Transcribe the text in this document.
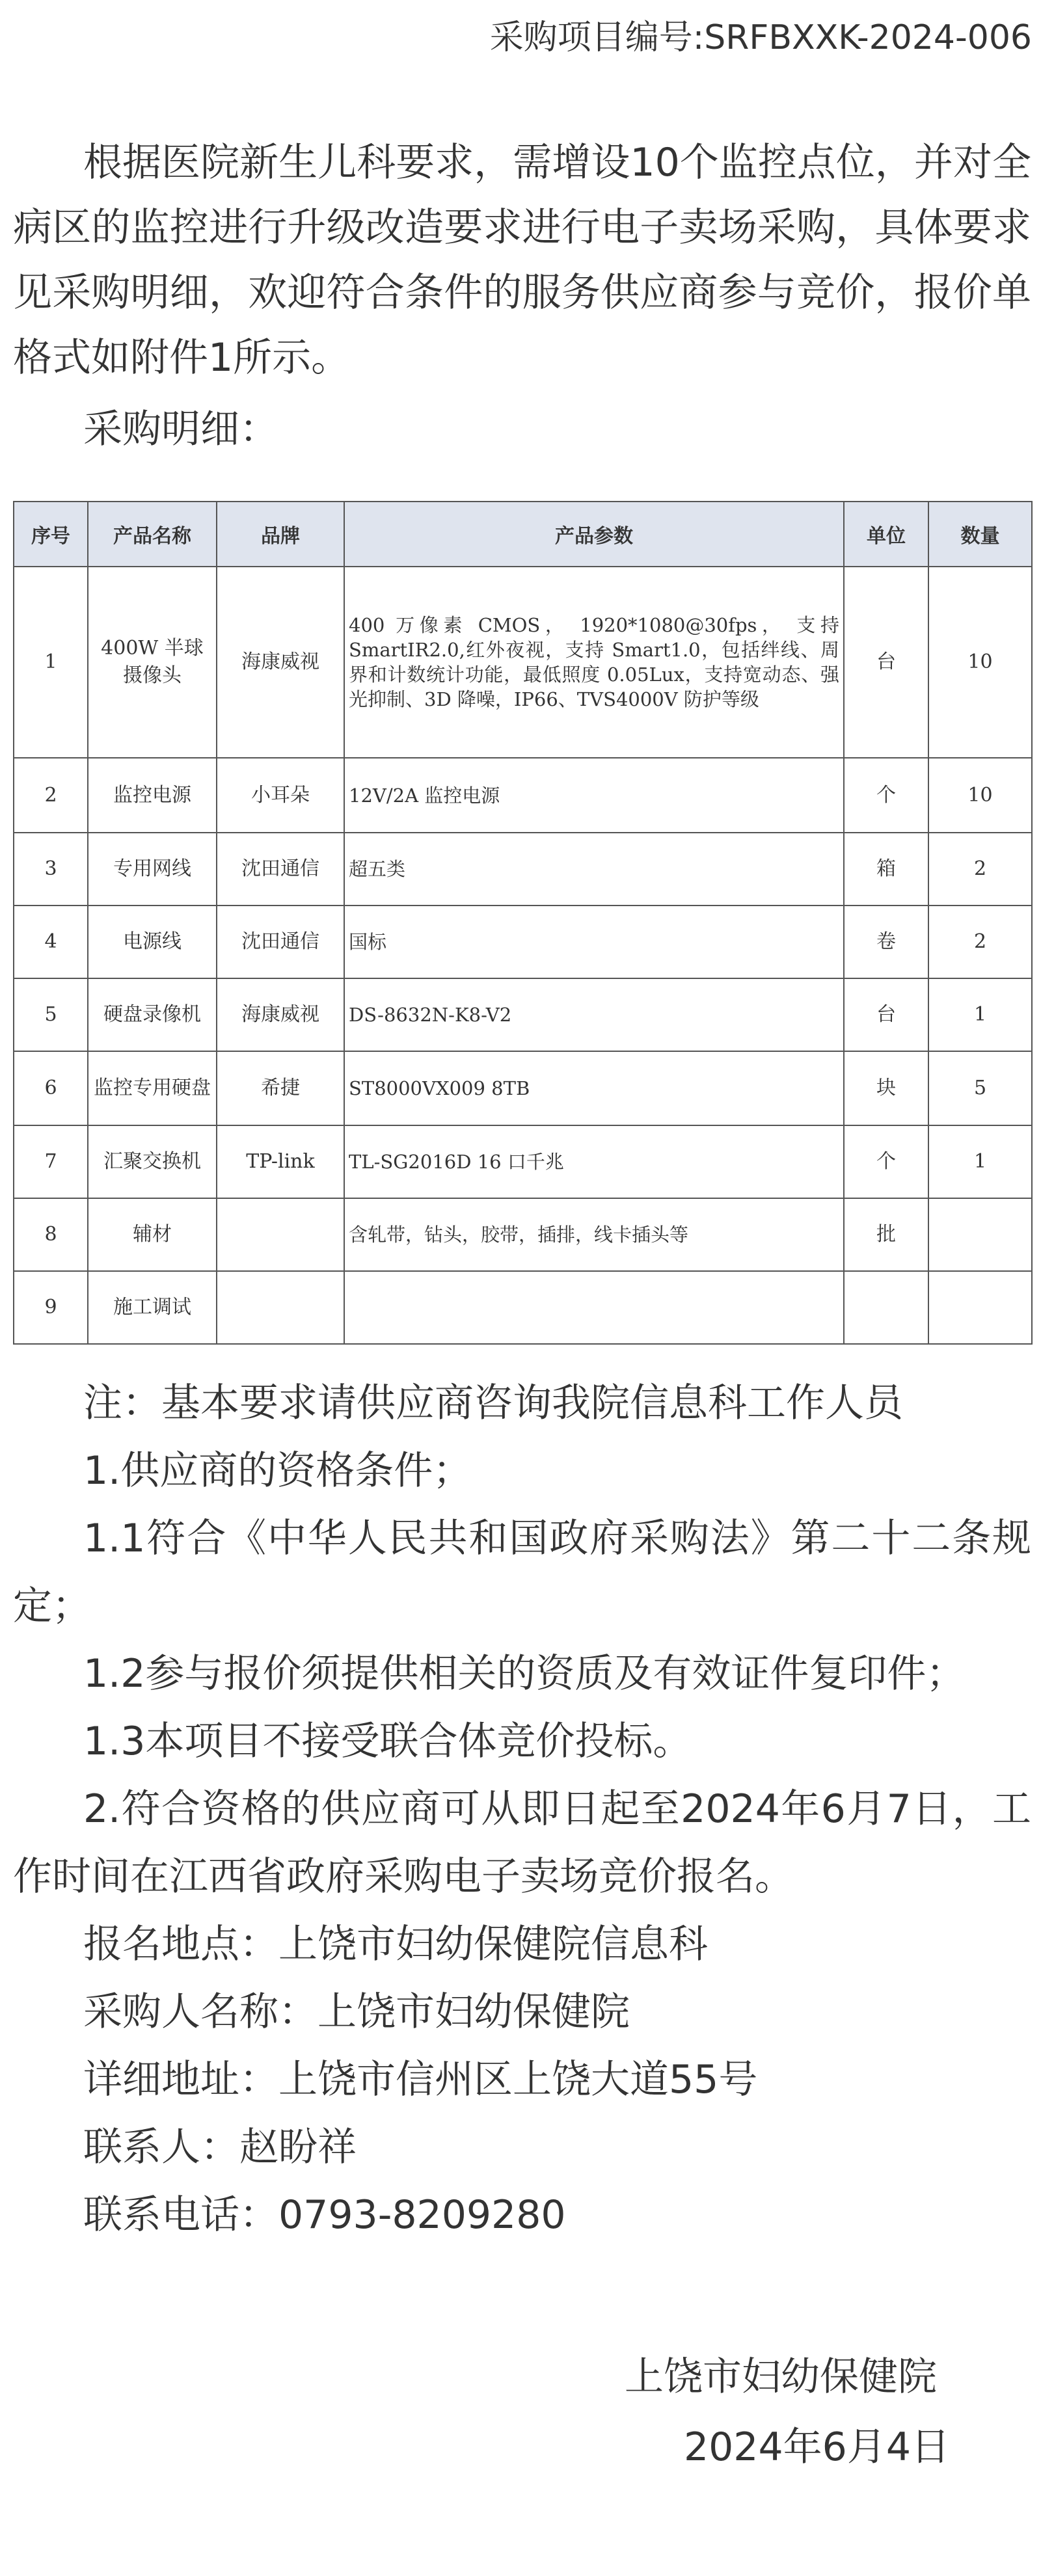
采购项目编号:SRFBXXK-2024-006

根据医院新生儿科要求，需增设10个监控点位，并对全病区的监控进行升级改造要求进行电子卖场采购，具体要求见采购明细，欢迎符合条件的服务供应商参与竞价，报价单格式如附件1所示。

采购明细：
序号	产品名称	品牌	产品参数	单位	数量
1	400W 半球摄像头	海康威视	400 万像素 CMOS， 1920*1080@30fps， 支持 SmartIR2.0,红外夜视，支持 Smart1.0，包括绊线、周界和计数统计功能，最低照度 0.05Lux，支持宽动态、强光抑制、3D 降噪，IP66、TVS4000V 防护等级	台	10
2	监控电源	小耳朵	12V/2A 监控电源	个	10
3	专用网线	沈田通信	超五类	箱	2
4	电源线	沈田通信	国标	卷	2
5	硬盘录像机	海康威视	DS-8632N-K8-V2	台	1
6	监控专用硬盘	希捷	ST8000VX009 8TB	块	5
7	汇聚交换机	TP-link	TL-SG2016D 16 口千兆	个	1
8	辅材		含轧带，钻头，胶带，插排，线卡插头等	批	
9	施工调试				

注：基本要求请供应商咨询我院信息科工作人员

1.供应商的资格条件；

1.1符合《中华人民共和国政府采购法》第二十二条规定；

1.2参与报价须提供相关的资质及有效证件复印件；

1.3本项目不接受联合体竞价投标。

2.符合资格的供应商可从即日起至2024年6月7日，工作时间在江西省政府采购电子卖场竞价报名。

报名地点：上饶市妇幼保健院信息科

采购人名称：上饶市妇幼保健院

详细地址：上饶市信州区上饶大道55号

联系人：赵盼祥

联系电话：0793-8209280

上饶市妇幼保健院
2024年6月4日
